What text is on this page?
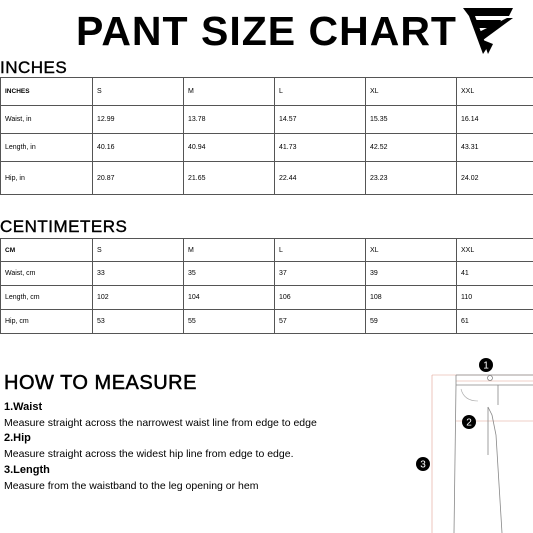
PANT SIZE CHART
INCHES
INCHES	S	M	L	XL	XXL
Waist, in	12.99	13.78	14.57	15.35	16.14
Length, in	40.16	40.94	41.73	42.52	43.31
Hip, in	20.87	21.65	22.44	23.23	24.02
CENTIMETERS
CM	S	M	L	XL	XXL
Waist, cm	33	35	37	39	41
Length, cm	102	104	106	108	110
Hip, cm	53	55	57	59	61
HOW TO MEASURE
1.Waist
Measure straight across the narrowest waist line from edge to edge
2.Hip
Measure straight across the widest hip line from edge to edge.
3.Length
Measure from the waistband to the leg opening or hem
1
2
3
